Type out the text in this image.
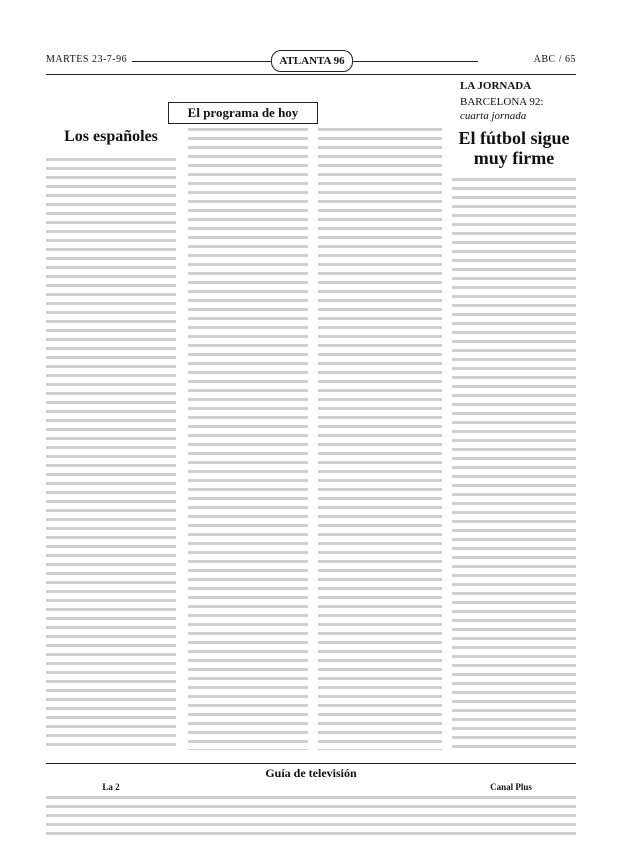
MARTES 23-7-96	ATLANTA 96	ABC / 65
El programa de hoy
Los españoles
LA JORNADA
BARCELONA 92:
cuarta jornada
El fútbol sigue muy firme
Guía de televisión
La 2	Canal Plus
